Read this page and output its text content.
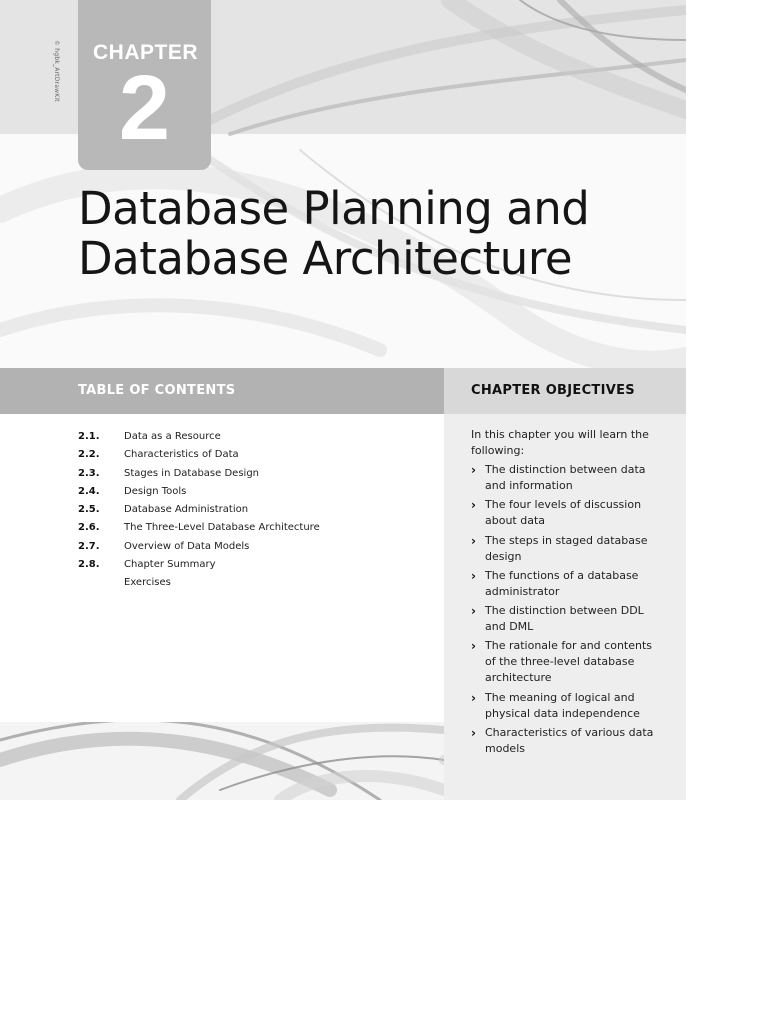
© hgbk_ArtDrawKit CHAPTER
2
Database Planning and
Database Architecture
TABLE OF CONTENTS	CHAPTER OBJECTIVES
2.1. Data as a Resource
2.2. Characteristics of Data
2.3. Stages in Database Design
2.4. Design Tools
2.5. Database Administration
2.6. The Three-Level Database Architecture
2.7. Overview of Data Models
2.8. Chapter Summary
Exercises
In this chapter you will learn the following:
› The distinction between data and information
› The four levels of discussion about data
› The steps in staged database design
› The functions of a database administrator
› The distinction between DDL and DML
› The rationale for and contents of the three-level database architecture
› The meaning of logical and physical data independence
› Characteristics of various data models
